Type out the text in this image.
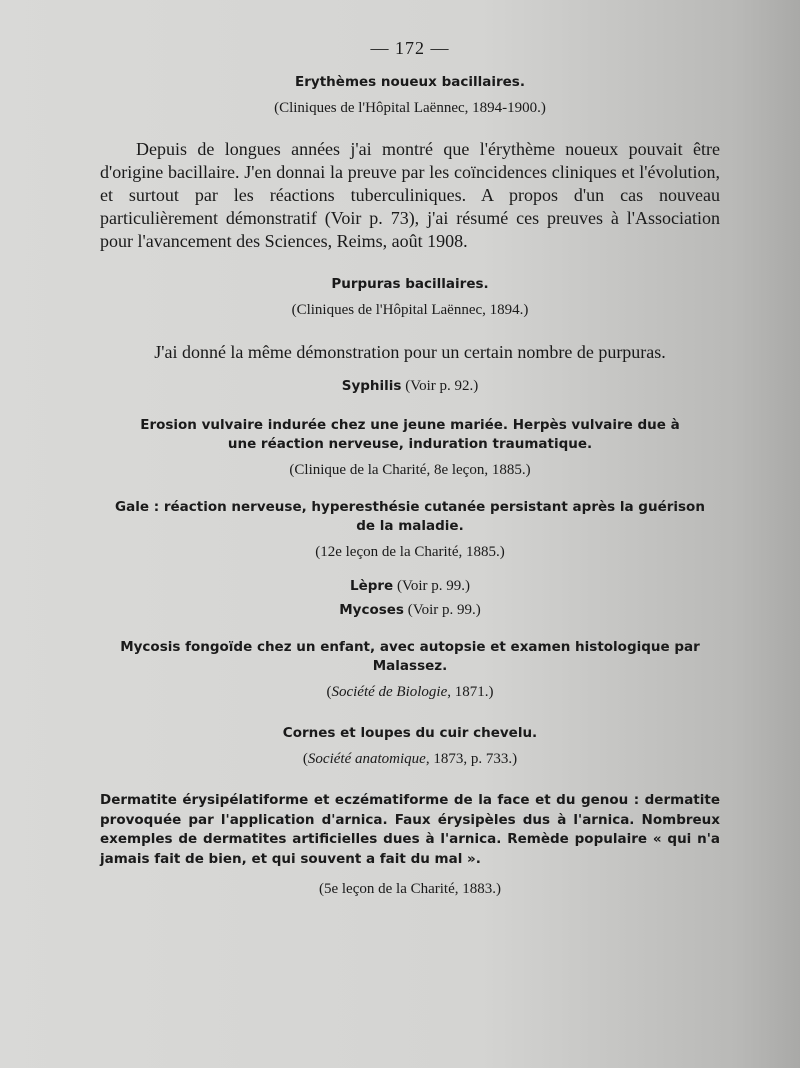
— 172 —
Erythèmes noueux bacillaires.
(Cliniques de l'Hôpital Laënnec, 1894-1900.)

Depuis de longues années j'ai montré que l'érythème noueux pouvait être d'origine bacillaire. J'en donnai la preuve par les coïncidences cliniques et l'évolution, et surtout par les réactions tuberculiniques. A propos d'un cas nouveau particulièrement démonstratif (Voir p. 73), j'ai résumé ces preuves à l'Association pour l'avancement des Sciences, Reims, août 1908.

Purpuras bacillaires.
(Cliniques de l'Hôpital Laënnec, 1894.)
J'ai donné la même démonstration pour un certain nombre de purpuras.
Syphilis (Voir p. 92.)
Erosion vulvaire indurée chez une jeune mariée. Herpès vulvaire due à une réaction nerveuse, induration traumatique.
(Clinique de la Charité, 8e leçon, 1885.)
Gale : réaction nerveuse, hyperesthésie cutanée persistant après la guérison de la maladie.
(12e leçon de la Charité, 1885.)
Lèpre (Voir p. 99.)
Mycoses (Voir p. 99.)
Mycosis fongoïde chez un enfant, avec autopsie et examen histologique par Malassez.
(Société de Biologie, 1871.)
Cornes et loupes du cuir chevelu.
(Société anatomique, 1873, p. 733.)
Dermatite érysipélatiforme et eczématiforme de la face et du genou : dermatite provoquée par l'application d'arnica. Faux érysipèles dus à l'arnica. Nombreux exemples de dermatites artificielles dues à l'arnica. Remède populaire « qui n'a jamais fait de bien, et qui souvent a fait du mal ».
(5e leçon de la Charité, 1883.)
